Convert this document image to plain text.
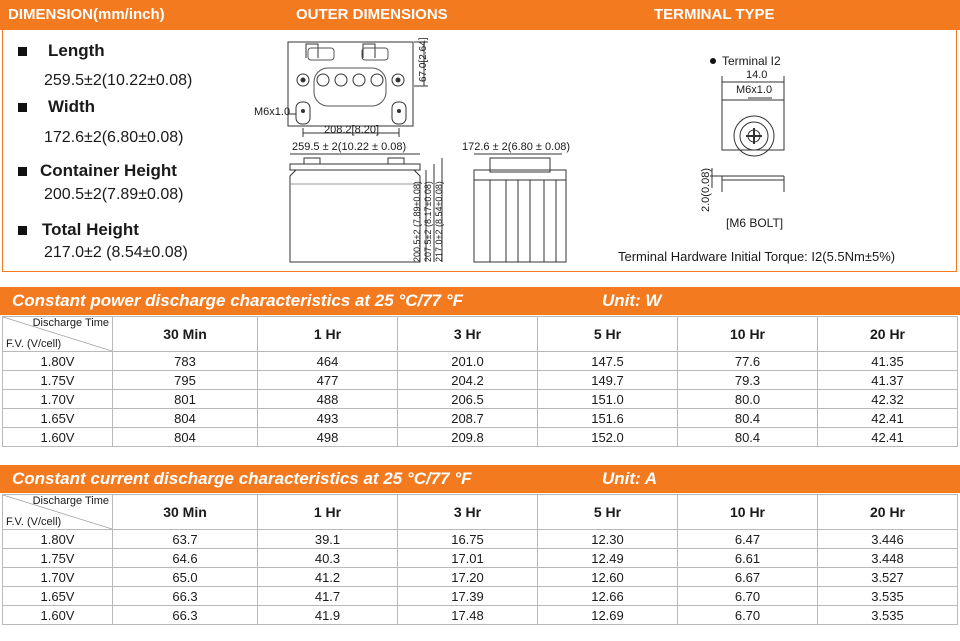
DIMENSION(mm/inch)	OUTER DIMENSIONS	TERMINAL TYPE
Length
259.5±2(10.22±0.08)
Width
172.6±2(6.80±0.08)
Container Height
200.5±2(7.89±0.08)
Total Height
217.0±2 (8.54±0.08)
M6x1.0
67.0[2.64]
208.2[8.20]
259.5 ± 2(10.22 ± 0.08)
200.5±2 (7.89±0.08) 207.5±2 (8.17±0.08) 217.0±2 (8.54±0.08)
172.6 ± 2(6.80 ± 0.08)
Terminal I2
14.0
M6x1.0
2.0(0.08)
[M6 BOLT]
Terminal Hardware Initial Torque: I2(5.5Nm±5%)
Constant power discharge characteristics at 25 °C/77 °F	Unit: W
Discharge Time
F.V. (V/cell)	30 Min	1 Hr	3 Hr	5 Hr	10 Hr	20 Hr
1.80V	783	464	201.0	147.5	77.6	41.35
1.75V	795	477	204.2	149.7	79.3	41.37
1.70V	801	488	206.5	151.0	80.0	42.32
1.65V	804	493	208.7	151.6	80.4	42.41
1.60V	804	498	209.8	152.0	80.4	42.41
Constant current discharge characteristics at 25 °C/77 °F	Unit: A
Discharge Time
F.V. (V/cell)	30 Min	1 Hr	3 Hr	5 Hr	10 Hr	20 Hr
1.80V	63.7	39.1	16.75	12.30	6.47	3.446
1.75V	64.6	40.3	17.01	12.49	6.61	3.448
1.70V	65.0	41.2	17.20	12.60	6.67	3.527
1.65V	66.3	41.7	17.39	12.66	6.70	3.535
1.60V	66.3	41.9	17.48	12.69	6.70	3.535
